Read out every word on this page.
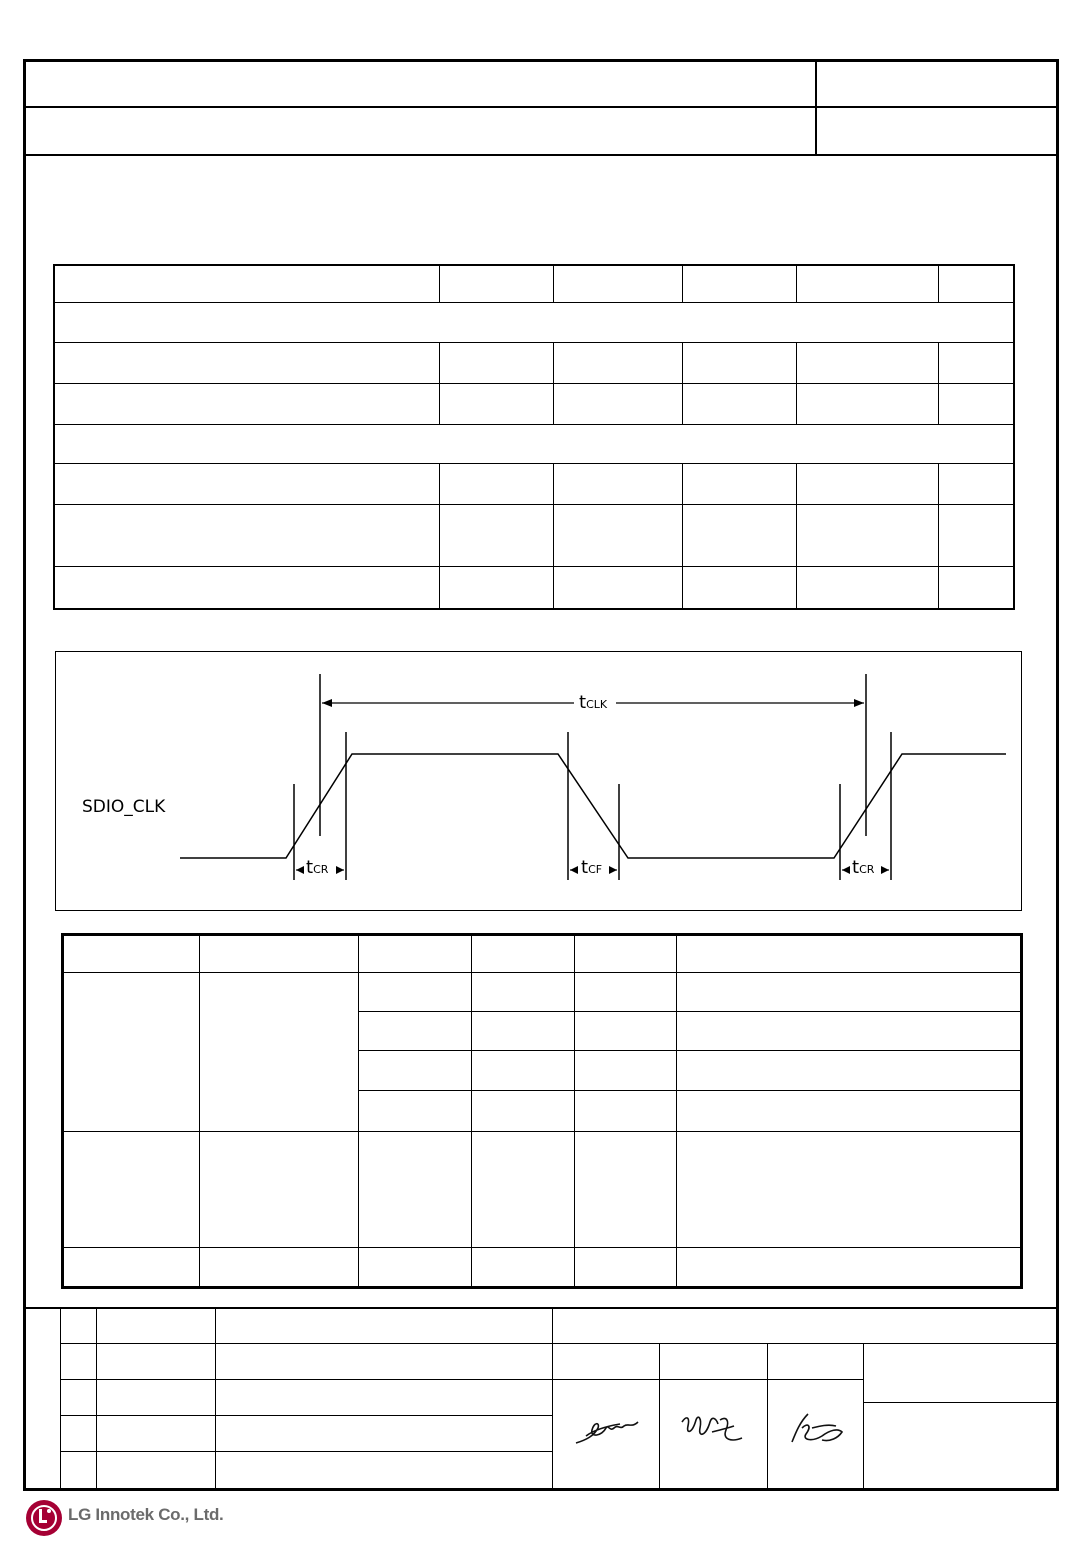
SDIO_CLK
tCLK
tCR	tCF	tCR
LG Innotek Co., Ltd.
